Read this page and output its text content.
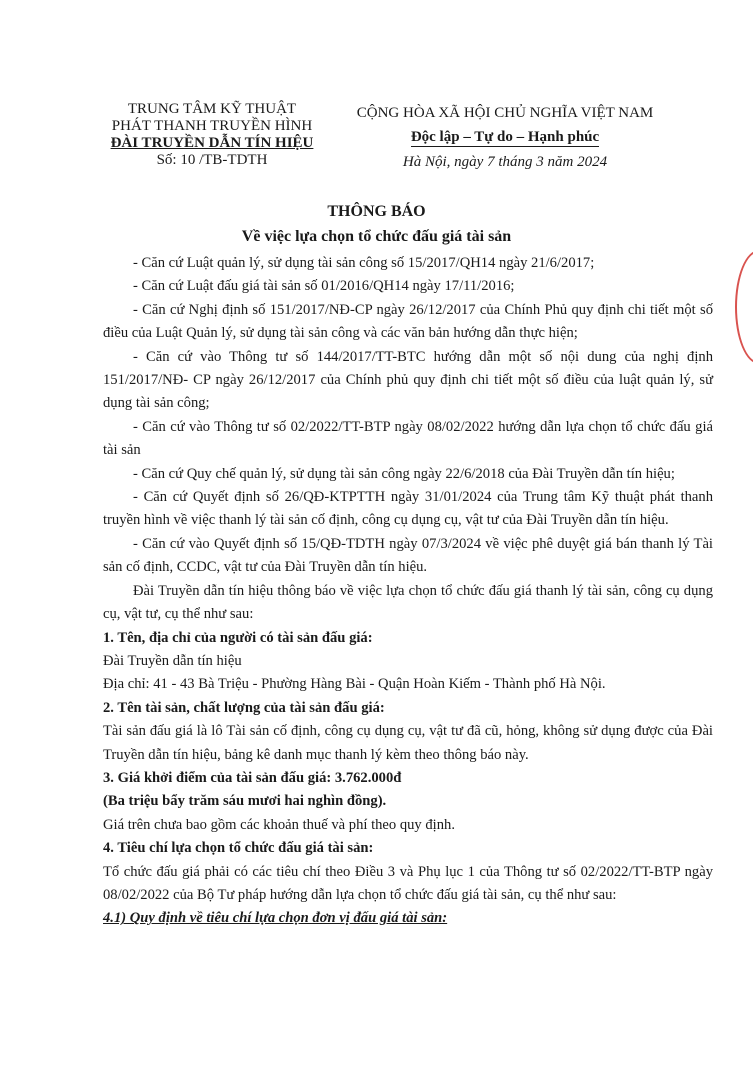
TRUNG TÂM KỸ THUẬT
PHÁT THANH TRUYỀN HÌNH
ĐÀI TRUYỀN DẪN TÍN HIỆU
Số: 10 /TB-TDTH
CỘNG HÒA XÃ HỘI CHỦ NGHĨA VIỆT NAM
Độc lập – Tự do – Hạnh phúc
Hà Nội, ngày 7 tháng 3 năm 2024
THÔNG BÁO
Về việc lựa chọn tổ chức đấu giá tài sản

- Căn cứ Luật quản lý, sử dụng tài sản công số 15/2017/QH14 ngày 21/6/2017;

- Căn cứ Luật đấu giá tài sản số 01/2016/QH14 ngày 17/11/2016;

- Căn cứ Nghị định số 151/2017/NĐ-CP ngày 26/12/2017 của Chính Phủ quy định chi tiết một số điều của Luật Quản lý, sử dụng tài sản công và các văn bản hướng dẫn thực hiện;

- Căn cứ vào Thông tư số 144/2017/TT-BTC hướng dẫn một số nội dung của nghị định 151/2017/NĐ- CP ngày 26/12/2017 của Chính phủ quy định chi tiết một số điều của luật quản lý, sử dụng tài sản công;

- Căn cứ vào Thông tư số 02/2022/TT-BTP ngày 08/02/2022 hướng dẫn lựa chọn tổ chức đấu giá tài sản

- Căn cứ Quy chế quản lý, sử dụng tài sản công ngày 22/6/2018 của Đài Truyền dẫn tín hiệu;

- Căn cứ Quyết định số 26/QĐ-KTPTTH ngày 31/01/2024 của Trung tâm Kỹ thuật phát thanh truyền hình về việc thanh lý tài sản cố định, công cụ dụng cụ, vật tư của Đài Truyền dẫn tín hiệu.

- Căn cứ vào Quyết định số 15/QĐ-TDTH ngày 07/3/2024 về việc phê duyệt giá bán thanh lý Tài sản cố định, CCDC, vật tư của Đài Truyền dẫn tín hiệu.

Đài Truyền dẫn tín hiệu thông báo về việc lựa chọn tổ chức đấu giá thanh lý tài sản, công cụ dụng cụ, vật tư, cụ thể như sau:

1. Tên, địa chỉ của người có tài sản đấu giá:

Đài Truyền dẫn tín hiệu

Địa chỉ: 41 - 43 Bà Triệu - Phường Hàng Bài - Quận Hoàn Kiếm - Thành phố Hà Nội.

2. Tên tài sản, chất lượng của tài sản đấu giá:

Tài sản đấu giá là lô Tài sản cố định, công cụ dụng cụ, vật tư đã cũ, hỏng, không sử dụng được của Đài Truyền dẫn tín hiệu, bảng kê danh mục thanh lý kèm theo thông báo này.

3. Giá khởi điểm của tài sản đấu giá: 3.762.000đ

(Ba triệu bẩy trăm sáu mươi hai nghìn đồng).

Giá trên chưa bao gồm các khoản thuế và phí theo quy định.

4. Tiêu chí lựa chọn tổ chức đấu giá tài sản:

Tổ chức đấu giá phải có các tiêu chí theo Điều 3 và Phụ lục 1 của Thông tư số 02/2022/TT-BTP ngày 08/02/2022 của Bộ Tư pháp hướng dẫn lựa chọn tổ chức đấu giá tài sản, cụ thể như sau:

4.1) Quy định về tiêu chí lựa chọn đơn vị đấu giá tài sản:
